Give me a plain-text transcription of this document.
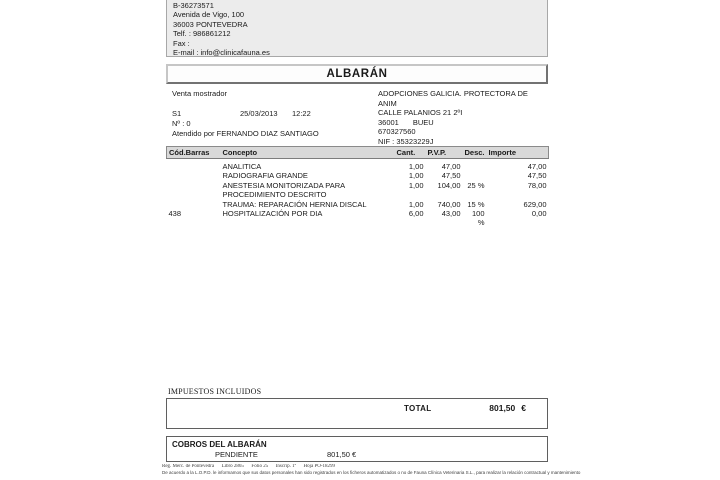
B-36273571
Avenida de Vigo, 100
36003 PONTEVEDRA
Telf. : 986861212
Fax :
E-mail : info@clinicafauna.es
ALBARÁN
Venta mostrador
S1	25/03/2013	12:22
Nº : 0
Atendido por FERNANDO DIAZ SANTIAGO
ADOPCIONES GALICIA. PROTECTORA DE ANIM
CALLE PALANIOS 21 2ºI
36001 BUEU
670327560
NIF : 35323229J
Cód.Barras	Concepto	Cant.	P.V.P.	Desc.	Importe
	ANALITICA	1,00	47,00		47,00
	RADIOGRAFIA GRANDE	1,00	47,50		47,50
	ANESTESIA MONITORIZADA PARA PROCEDIMIENTO DESCRITO	1,00	104,00	25 %	78,00
	TRAUMA: REPARACIÓN HERNIA DISCAL	1,00	740,00	15 %	629,00
438	HOSPITALIZACIÓN POR DIA	6,00	43,00	100 %	0,00
IMPUESTOS INCLUIDOS
TOTAL	801,50 €
COBROS DEL ALBARÁN
PENDIENTE	801,50 €
Reg. Merc. de Pontevedra      Libro 2865      Folio 25      Inscrip. 1ª      Hoja PO-18299
De acuerdo a la L.O.P.D. le informamos que sus datos personales han sido registrados en los ficheros automatizados o no de Fauna Clínica Veterinaria S.L., para realizar la relación contractual y mantenimiento
